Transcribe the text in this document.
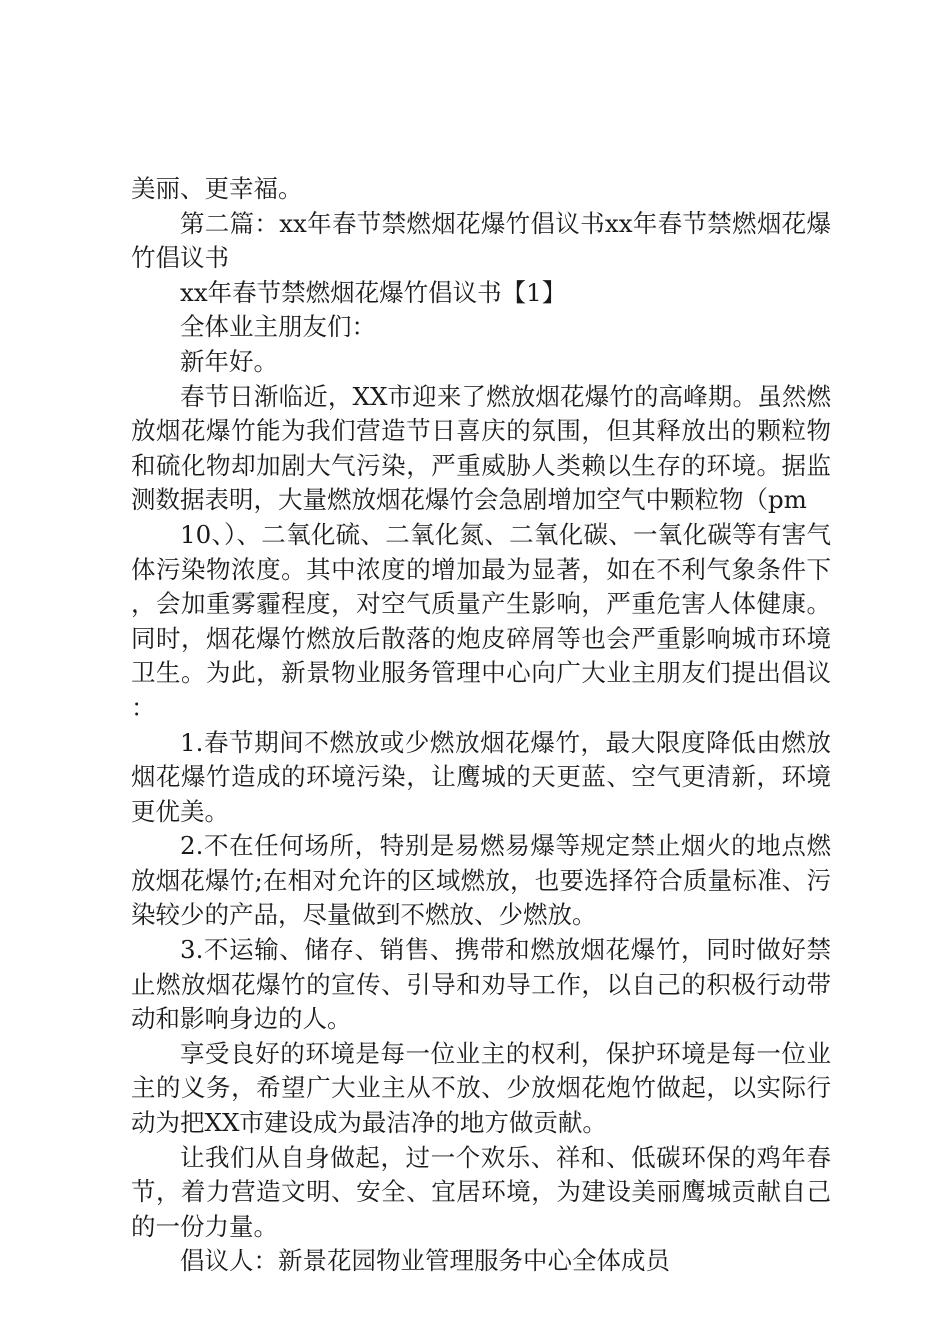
美丽、更幸福。

第二篇：xx年春节禁燃烟花爆竹倡议书xx年春节禁燃烟花爆竹倡议书

xx年春节禁燃烟花爆竹倡议书【1】

全体业主朋友们：

新年好。

春节日渐临近，XX市迎来了燃放烟花爆竹的高峰期。虽然燃放烟花爆竹能为我们营造节日喜庆的氛围，但其释放出的颗粒物和硫化物却加剧大气污染，严重威胁人类赖以生存的环境。据监测数据表明，大量燃放烟花爆竹会急剧增加空气中颗粒物（pm

10、）、二氧化硫、二氧化氮、二氧化碳、一氧化碳等有害气体污染物浓度。其中浓度的增加最为显著，如在不利气象条件下，会加重雾霾程度，对空气质量产生影响，严重危害人体健康。同时，烟花爆竹燃放后散落的炮皮碎屑等也会严重影响城市环境卫生。为此，新景物业服务管理中心向广大业主朋友们提出倡议：

1.春节期间不燃放或少燃放烟花爆竹，最大限度降低由燃放烟花爆竹造成的环境污染，让鹰城的天更蓝、空气更清新，环境更优美。

2.不在任何场所，特别是易燃易爆等规定禁止烟火的地点燃放烟花爆竹;在相对允许的区域燃放，也要选择符合质量标准、污染较少的产品，尽量做到不燃放、少燃放。

3.不运输、储存、销售、携带和燃放烟花爆竹，同时做好禁止燃放烟花爆竹的宣传、引导和劝导工作，以自己的积极行动带动和影响身边的人。

享受良好的环境是每一位业主的权利，保护环境是每一位业主的义务，希望广大业主从不放、少放烟花炮竹做起，以实际行动为把XX市建设成为最洁净的地方做贡献。

让我们从自身做起，过一个欢乐、祥和、低碳环保的鸡年春节，着力营造文明、安全、宜居环境，为建设美丽鹰城贡献自己的一份力量。

倡议人：新景花园物业管理服务中心全体成员
